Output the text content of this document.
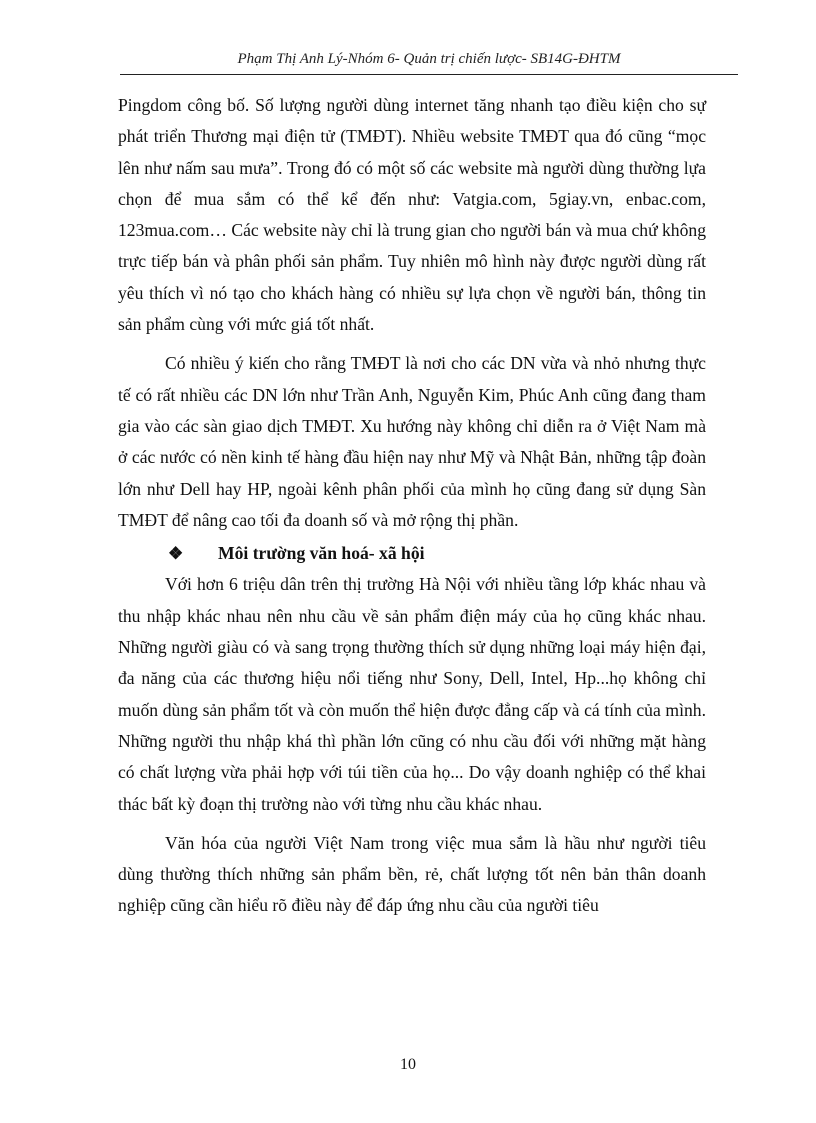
Phạm Thị Anh Lý-Nhóm 6- Quản trị chiến lược- SB14G-ĐHTM

Pingdom công bố. Số lượng người dùng internet tăng nhanh tạo điều kiện cho sự phát triển Thương mại điện tử (TMĐT). Nhiều website TMĐT qua đó cũng “mọc lên như nấm sau mưa”. Trong đó có một số các website mà người dùng thường lựa chọn để mua sắm có thể kể đến như: Vatgia.com, 5giay.vn, enbac.com, 123mua.com… Các website này chỉ là trung gian cho người bán và mua chứ không trực tiếp bán và phân phối sản phẩm. Tuy nhiên mô hình này được người dùng rất yêu thích vì nó tạo cho khách hàng có nhiều sự lựa chọn về người bán, thông tin sản phẩm cùng với mức giá tốt nhất.

Có nhiều ý kiến cho rằng TMĐT là nơi cho các DN vừa và nhỏ nhưng thực tế có rất nhiều các DN lớn như Trần Anh, Nguyễn Kim, Phúc Anh cũng đang tham gia vào các sàn giao dịch TMĐT. Xu hướng này không chỉ diễn ra ở Việt Nam mà ở các nước có nền kinh tế hàng đầu hiện nay như Mỹ và Nhật Bản, những tập đoàn lớn như Dell hay HP, ngoài kênh phân phối của mình họ cũng đang sử dụng Sàn TMĐT để nâng cao tối đa doanh số và mở rộng thị phần.

❖	Môi trường văn hoá- xã hội

Với hơn 6 triệu dân trên thị trường Hà Nội với nhiều tầng lớp khác nhau và thu nhập khác nhau nên nhu cầu về sản phẩm điện máy của họ cũng khác nhau. Những người giàu có và sang trọng thường thích sử dụng những loại máy hiện đại, đa năng của các thương hiệu nổi tiếng như Sony, Dell, Intel, Hp...họ không chỉ muốn dùng sản phẩm tốt và còn muốn thể hiện được đẳng cấp và cá tính của mình. Những người thu nhập khá thì phần lớn cũng có nhu cầu đối với những mặt hàng có chất lượng vừa phải hợp với túi tiền của họ... Do vậy doanh nghiệp có thể khai thác bất kỳ đoạn thị trường nào với từng nhu cầu khác nhau.

Văn hóa của người Việt Nam trong việc mua sắm là hầu như người tiêu dùng thường thích những sản phẩm bền, rẻ, chất lượng tốt nên bản thân doanh nghiệp cũng cần hiểu rõ điều này để đáp ứng nhu cầu của người tiêu

10
